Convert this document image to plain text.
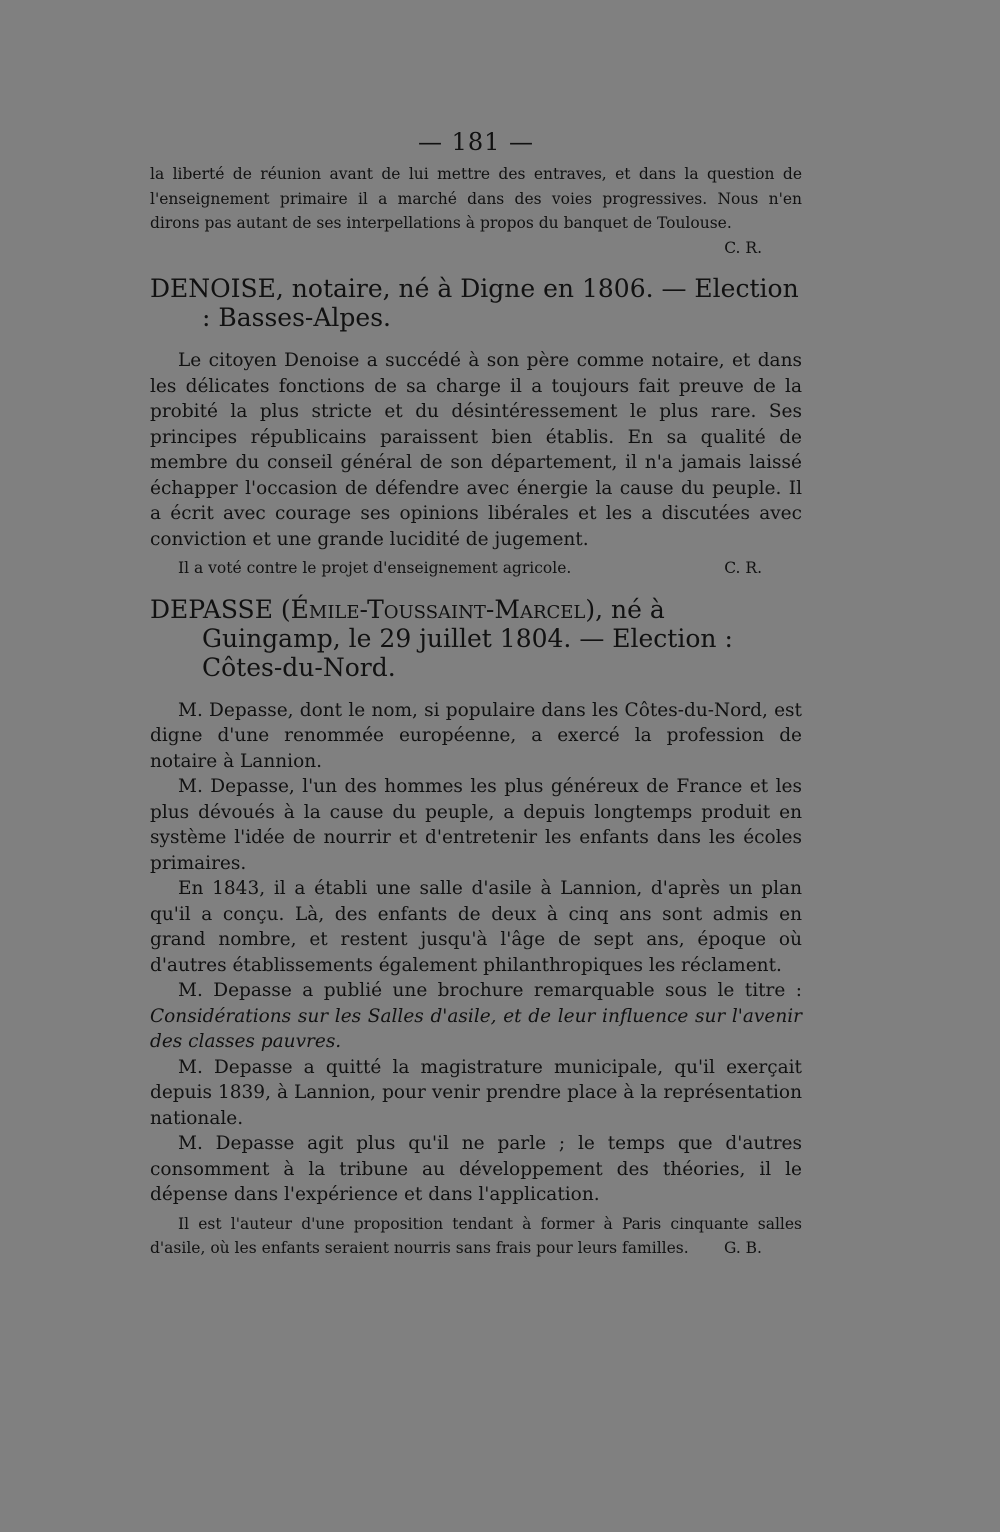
— 181 —

la liberté de réunion avant de lui mettre des entraves, et dans la question de l'enseignement primaire il a marché dans des voies progressives. Nous n'en dirons pas autant de ses interpellations à propos du banquet de Toulouse.
C. R.

DENOISE, notaire, né à Digne en 1806. — Election : Basses-Alpes.

Le citoyen Denoise a succédé à son père comme notaire, et dans les délicates fonctions de sa charge il a toujours fait preuve de la probité la plus stricte et du désintéressement le plus rare. Ses principes républicains paraissent bien établis. En sa qualité de membre du conseil général de son département, il n'a jamais laissé échapper l'occasion de défendre avec énergie la cause du peuple. Il a écrit avec courage ses opinions libérales et les a discutées avec conviction et une grande lucidité de jugement.

Il a voté contre le projet d'enseignement agricole.	C. R.

DEPASSE (Émile-Toussaint-Marcel), né à Guingamp, le 29 juillet 1804. — Election : Côtes-du-Nord.

M. Depasse, dont le nom, si populaire dans les Côtes-du-Nord, est digne d'une renommée européenne, a exercé la profession de notaire à Lannion.

M. Depasse, l'un des hommes les plus généreux de France et les plus dévoués à la cause du peuple, a depuis longtemps produit en système l'idée de nourrir et d'entretenir les enfants dans les écoles primaires.

En 1843, il a établi une salle d'asile à Lannion, d'après un plan qu'il a conçu. Là, des enfants de deux à cinq ans sont admis en grand nombre, et restent jusqu'à l'âge de sept ans, époque où d'autres établissements également philanthropiques les réclament.

M. Depasse a publié une brochure remarquable sous le titre : Considérations sur les Salles d'asile, et de leur influence sur l'avenir des classes pauvres.

M. Depasse a quitté la magistrature municipale, qu'il exerçait depuis 1839, à Lannion, pour venir prendre place à la représentation nationale.

M. Depasse agit plus qu'il ne parle ; le temps que d'autres consomment à la tribune au développement des théories, il le dépense dans l'expérience et dans l'application.

Il est l'auteur d'une proposition tendant à former à Paris cinquante salles d'asile, où les enfants seraient nourris sans frais pour leurs familles.	G. B.
